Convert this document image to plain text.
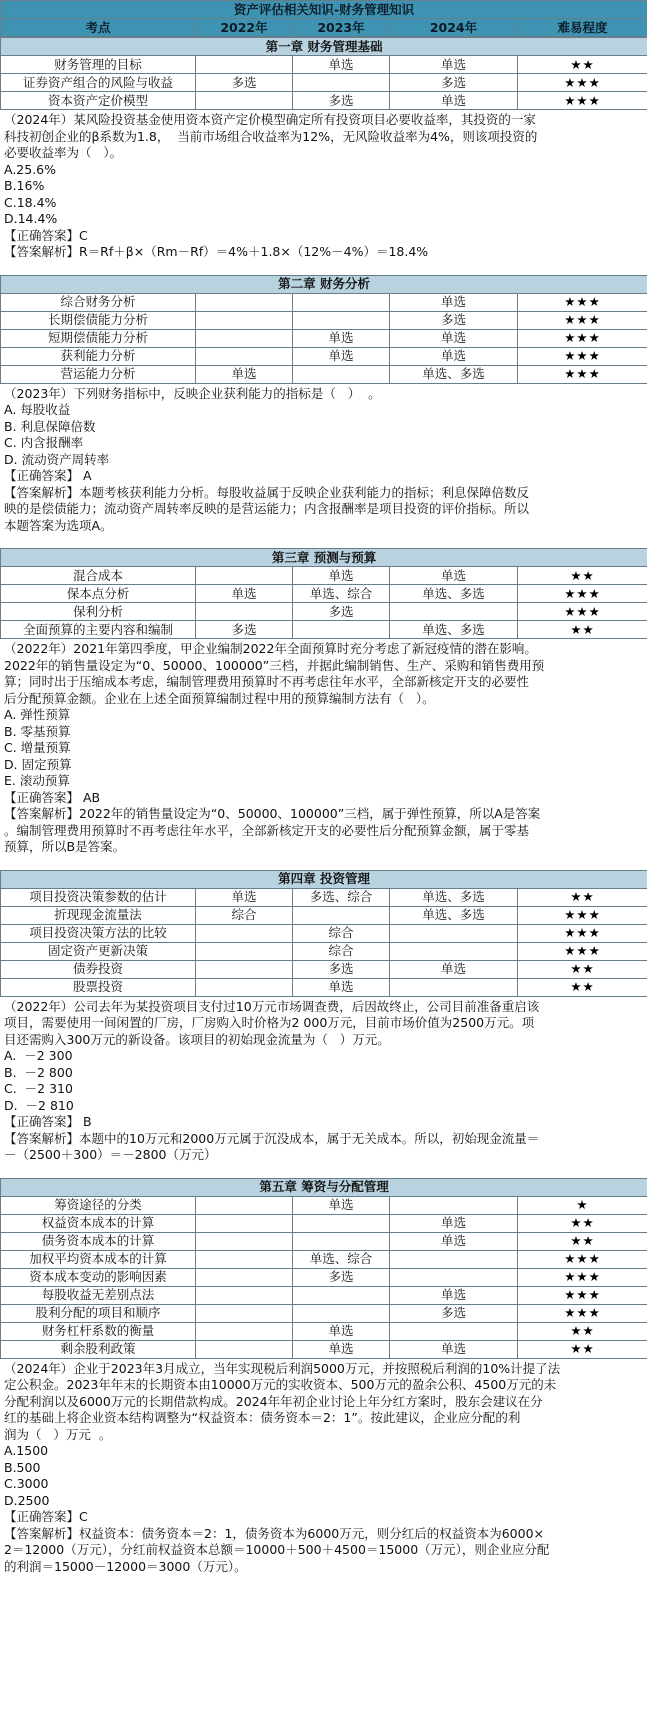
资产评估相关知识-财务管理知识
考点	2022年	2023年	2024年	难易程度
第一章 财务管理基础				
财务管理的目标		单选	单选	★★
证券资产组合的风险与收益	多选		多选	★★★
资本资产定价模型		多选	单选	★★★
（2024年）某风险投资基金使用资本资产定价模型确定所有投资项目必要收益率，其投资的一家
科技初创企业的β系数为1.8，  当前市场组合收益率为12%，无风险收益率为4%，则该项投资的
必要收益率为（   ）。
A.25.6%
B.16%
C.18.4%
D.14.4%
【正确答案】C
【答案解析】R＝Rf＋β×（Rm－Rf）＝4%＋1.8×（12%－4%）＝18.4%
第二章 财务分析				
综合财务分析			单选	★★★
长期偿债能力分析			多选	★★★
短期偿债能力分析		单选	单选	★★★
获利能力分析		单选	单选	★★★
营运能力分析	单选		单选、多选	★★★
（2023年）下列财务指标中，反映企业获利能力的指标是（   ）  。
A. 每股收益
B. 利息保障倍数
C. 内含报酬率
D. 流动资产周转率
【正确答案】 A
【答案解析】本题考核获利能力分析。每股收益属于反映企业获利能力的指标；利息保障倍数反
映的是偿债能力；流动资产周转率反映的是营运能力；内含报酬率是项目投资的评价指标。所以
本题答案为选项A。
第三章 预测与预算				
混合成本		单选	单选	★★
保本点分析	单选	单选、综合	单选、多选	★★★
保利分析		多选		★★★
全面预算的主要内容和编制	多选		单选、多选	★★
（2022年）2021年第四季度，甲企业编制2022年全面预算时充分考虑了新冠疫情的潜在影响。
2022年的销售量设定为“0、50000、100000”三档，并据此编制销售、生产、采购和销售费用预
算；同时出于压缩成本考虑，编制管理费用预算时不再考虑往年水平，全部新核定开支的必要性
后分配预算金额。企业在上述全面预算编制过程中用的预算编制方法有（   ）。
A. 弹性预算
B. 零基预算
C. 增量预算
D. 固定预算
E. 滚动预算
【正确答案】 AB
【答案解析】2022年的销售量设定为“0、50000、100000”三档，属于弹性预算，所以A是答案
。编制管理费用预算时不再考虑往年水平，全部新核定开支的必要性后分配预算金额，属于零基
预算，所以B是答案。
第四章 投资管理				
项目投资决策参数的估计	单选	多选、综合	单选、多选	★★
折现现金流量法	综合		单选、多选	★★★
项目投资决策方法的比较		综合		★★★
固定资产更新决策		综合		★★★
债券投资		多选	单选	★★
股票投资		单选		★★
（2022年）公司去年为某投资项目支付过10万元市场调查费，后因故终止，公司目前准备重启该
项目，需要使用一间闲置的厂房，厂房购入时价格为2 000万元，目前市场价值为2500万元。项
目还需购入300万元的新设备。该项目的初始现金流量为（   ）万元。
A.  －2 300
B.  －2 800
C.  －2 310
D.  －2 810
【正确答案】 B
【答案解析】本题中的10万元和2000万元属于沉没成本，属于无关成本。所以，初始现金流量＝
－（2500＋300）＝－2800（万元）
第五章 筹资与分配管理				
筹资途径的分类		单选		★
权益资本成本的计算			单选	★★
债务资本成本的计算			单选	★★
加权平均资本成本的计算		单选、综合		★★★
资本成本变动的影响因素		多选		★★★
每股收益无差别点法			单选	★★★
股利分配的项目和顺序			多选	★★★
财务杠杆系数的衡量		单选		★★
剩余股利政策		单选	单选	★★
（2024年）企业于2023年3月成立，当年实现税后利润5000万元，并按照税后利润的10%计提了法
定公积金。2023年年末的长期资本由10000万元的实收资本、500万元的盈余公积、4500万元的未
分配利润以及6000万元的长期借款构成。2024年年初企业讨论上年分红方案时，股东会建议在分
红的基础上将企业资本结构调整为“权益资本：债务资本＝2：1”。按此建议，企业应分配的利
润为（   ）万元  。
A.1500
B.500
C.3000
D.2500
【正确答案】C
【答案解析】权益资本：债务资本＝2：1，债务资本为6000万元，则分红后的权益资本为6000×
2＝12000（万元），分红前权益资本总额＝10000＋500＋4500＝15000（万元），则企业应分配
的利润＝15000－12000＝3000（万元）。
